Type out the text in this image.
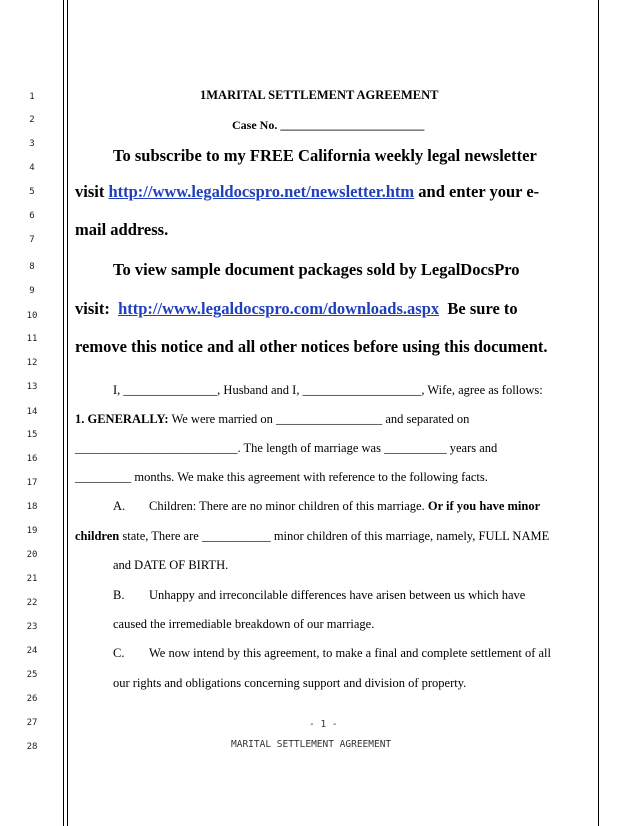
1
2
3
4
5
6
7
8
9
10
11
12
13
14
15
16
17
18
19
20
21
22
23
24
25
26
27
28
1MARITAL SETTLEMENT AGREEMENT
Case No. ________________________
To subscribe to my FREE California weekly legal newsletter
visit http://www.legaldocspro.net/newsletter.htm and enter your e-
mail address.
To view sample document packages sold by LegalDocsPro
visit:  http://www.legaldocspro.com/downloads.aspx  Be sure to
remove this notice and all other notices before using this document.
I, _______________, Husband and I, ___________________, Wife, agree as follows:
1. GENERALLY: We were married on _________________ and separated on
__________________________. The length of marriage was __________ years and
_________ months. We make this agreement with reference to the following facts.
A. Children: There are no minor children of this marriage. Or if you have minor
children state, There are ___________ minor children of this marriage, namely, FULL NAME
and DATE OF BIRTH.
B. Unhappy and irreconcilable differences have arisen between us which have
caused the irremediable breakdown of our marriage.
C. We now intend by this agreement, to make a final and complete settlement of all
our rights and obligations concerning support and division of property.
- 1 -
MARITAL SETTLEMENT AGREEMENT
